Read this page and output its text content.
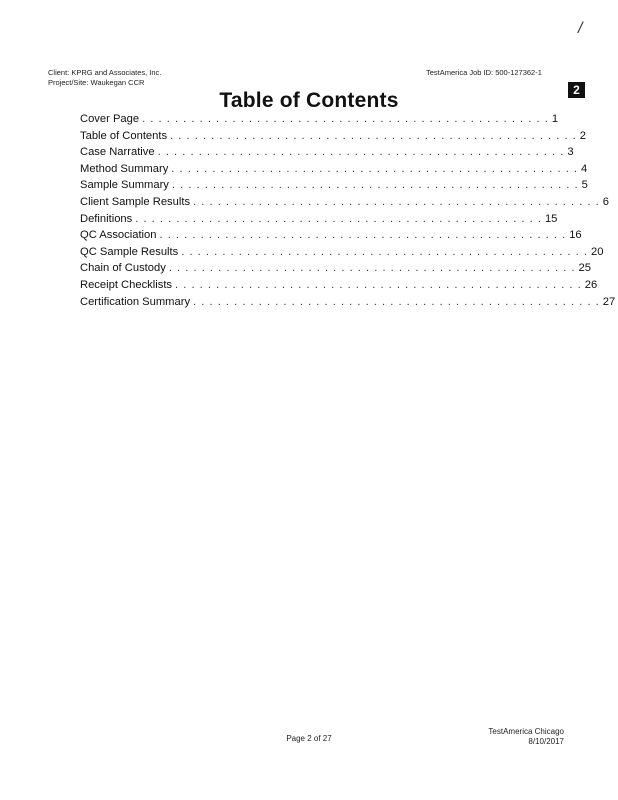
/
Client: KPRG and Associates, Inc.
Project/Site: Waukegan CCR
TestAmerica Job ID: 500-127362-1
2
Table of Contents
Cover Page . . . . . . . . . . . . . . . . . . . . . . . . . . . . . . . . . . . . . . . . . . . . . . . . . . 1
Table of Contents . . . . . . . . . . . . . . . . . . . . . . . . . . . . . . . . . . . . . . . . . . . . . . . . . . 2
Case Narrative . . . . . . . . . . . . . . . . . . . . . . . . . . . . . . . . . . . . . . . . . . . . . . . . . . 3
Method Summary . . . . . . . . . . . . . . . . . . . . . . . . . . . . . . . . . . . . . . . . . . . . . . . . . . 4
Sample Summary . . . . . . . . . . . . . . . . . . . . . . . . . . . . . . . . . . . . . . . . . . . . . . . . . . 5
Client Sample Results . . . . . . . . . . . . . . . . . . . . . . . . . . . . . . . . . . . . . . . . . . . . . . . . . . 6
Definitions . . . . . . . . . . . . . . . . . . . . . . . . . . . . . . . . . . . . . . . . . . . . . . . . . . 15
QC Association . . . . . . . . . . . . . . . . . . . . . . . . . . . . . . . . . . . . . . . . . . . . . . . . . . 16
QC Sample Results . . . . . . . . . . . . . . . . . . . . . . . . . . . . . . . . . . . . . . . . . . . . . . . . . . 20
Chain of Custody . . . . . . . . . . . . . . . . . . . . . . . . . . . . . . . . . . . . . . . . . . . . . . . . . . 25
Receipt Checklists . . . . . . . . . . . . . . . . . . . . . . . . . . . . . . . . . . . . . . . . . . . . . . . . . . 26
Certification Summary . . . . . . . . . . . . . . . . . . . . . . . . . . . . . . . . . . . . . . . . . . . . . . . . . . 27
Page 2 of 27
TestAmerica Chicago
8/10/2017
